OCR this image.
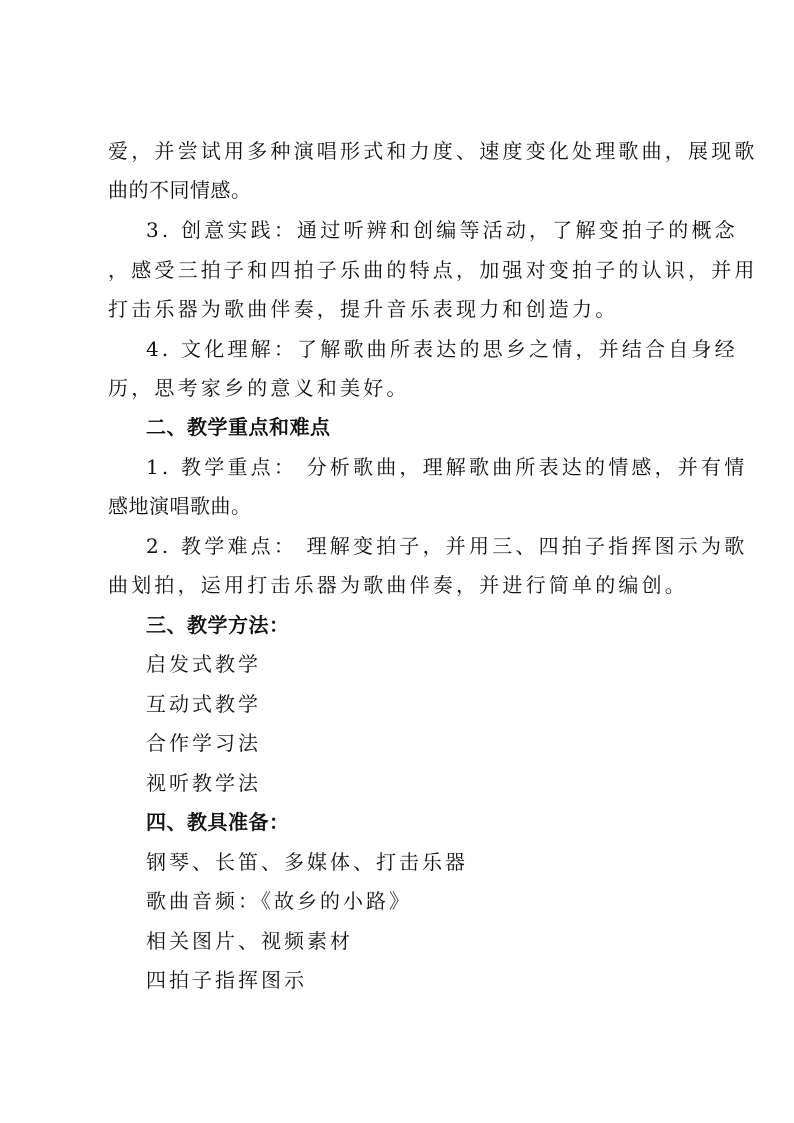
爱，并尝试用多种演唱形式和力度、速度变化处理歌曲，展现歌
曲的不同情感。
3. 创意实践：通过听辨和创编等活动，了解变拍子的概念
，感受三拍子和四拍子乐曲的特点，加强对变拍子的认识，并用
打击乐器为歌曲伴奏，提升音乐表现力和创造力。
4. 文化理解：了解歌曲所表达的思乡之情，并结合自身经
历，思考家乡的意义和美好。
二、教学重点和难点
1. 教学重点： 分析歌曲，理解歌曲所表达的情感，并有情
感地演唱歌曲。
2. 教学难点： 理解变拍子，并用三、四拍子指挥图示为歌
曲划拍，运用打击乐器为歌曲伴奏，并进行简单的编创。
三、教学方法：
启发式教学
互动式教学
合作学习法
视听教学法
四、教具准备：
钢琴、长笛、多媒体、打击乐器
歌曲音频：《故乡的小路》
相关图片、视频素材
四拍子指挥图示
